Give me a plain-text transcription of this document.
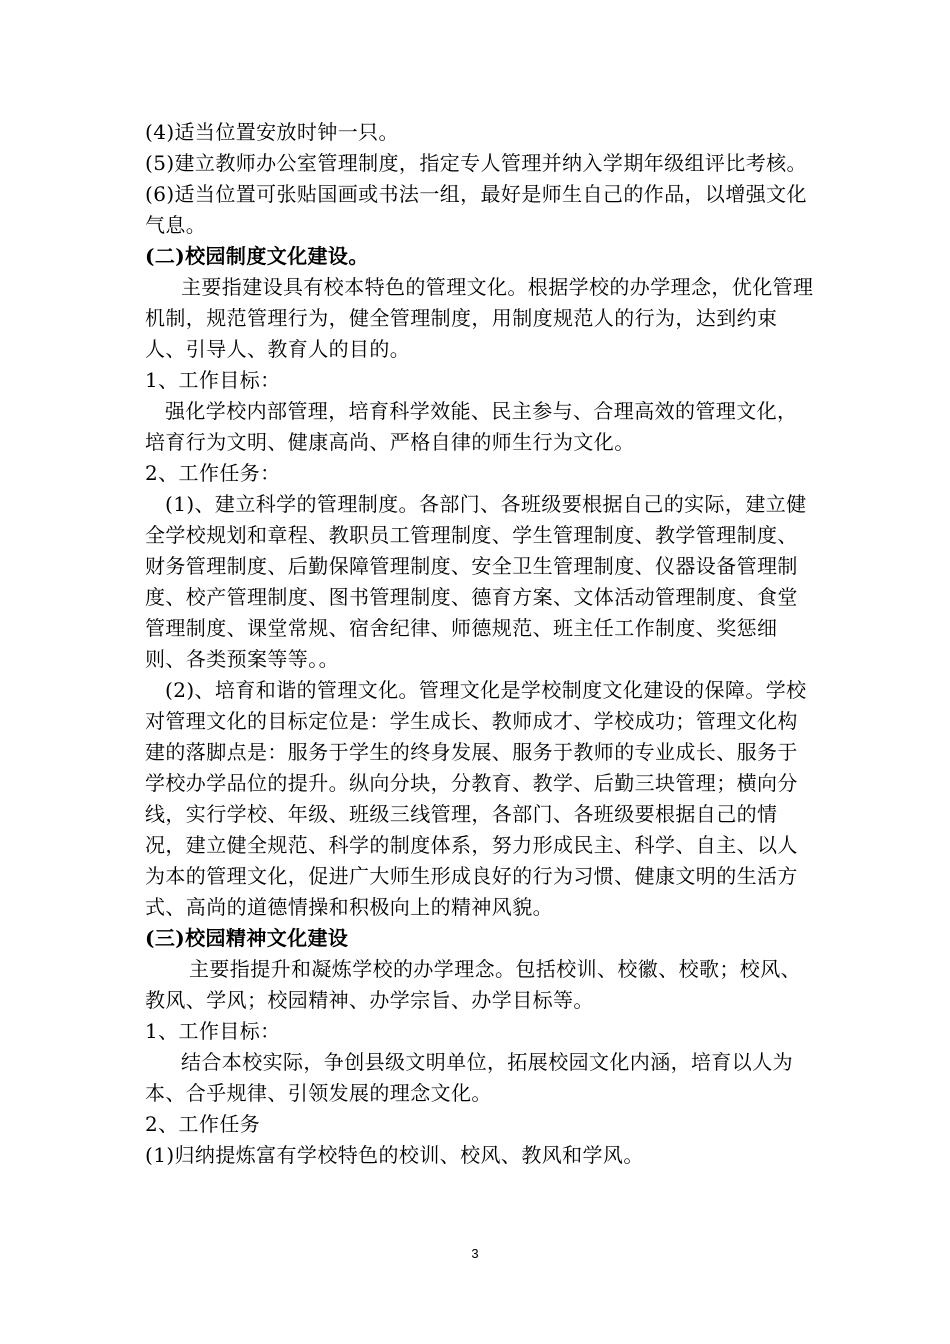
(4)适当位置安放时钟一只。

(5)建立教师办公室管理制度，指定专人管理并纳入学期年级组评比考核。

(6)适当位置可张贴国画或书法一组，最好是师生自己的作品，以增强文化气息。

(二)校园制度文化建设。

主要指建设具有校本特色的管理文化。根据学校的办学理念，优化管理机制，规范管理行为，健全管理制度，用制度规范人的行为，达到约束人、引导人、教育人的目的。

1、工作目标：

强化学校内部管理，培育科学效能、民主参与、合理高效的管理文化，培育行为文明、健康高尚、严格自律的师生行为文化。

2、工作任务：

(1)、建立科学的管理制度。各部门、各班级要根据自己的实际，建立健全学校规划和章程、教职员工管理制度、学生管理制度、教学管理制度、财务管理制度、后勤保障管理制度、安全卫生管理制度、仪器设备管理制度、校产管理制度、图书管理制度、德育方案、文体活动管理制度、食堂管理制度、课堂常规、宿舍纪律、师德规范、班主任工作制度、奖惩细则、各类预案等等。。

(2)、培育和谐的管理文化。管理文化是学校制度文化建设的保障。学校对管理文化的目标定位是：学生成长、教师成才、学校成功；管理文化构建的落脚点是：服务于学生的终身发展、服务于教师的专业成长、服务于学校办学品位的提升。纵向分块，分教育、教学、后勤三块管理；横向分线，实行学校、年级、班级三线管理，各部门、各班级要根据自己的情况，建立健全规范、科学的制度体系，努力形成民主、科学、自主、以人为本的管理文化，促进广大师生形成良好的行为习惯、健康文明的生活方式、高尚的道德情操和积极向上的精神风貌。

(三)校园精神文化建设

主要指提升和凝炼学校的办学理念。包括校训、校徽、校歌；校风、教风、学风；校园精神、办学宗旨、办学目标等。

1、工作目标：

结合本校实际，争创县级文明单位，拓展校园文化内涵，培育以人为本、合乎规律、引领发展的理念文化。

2、工作任务

(1)归纳提炼富有学校特色的校训、校风、教风和学风。

3
